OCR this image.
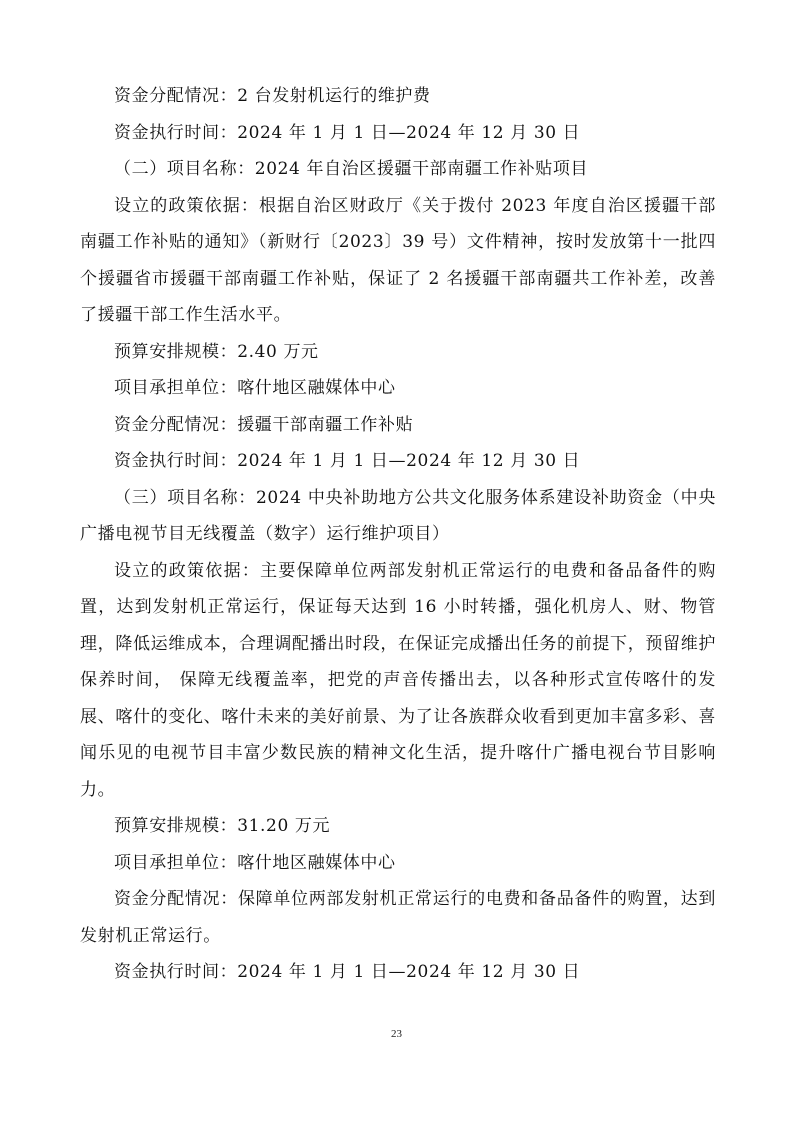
资金分配情况：2 台发射机运行的维护费

资金执行时间：2024 年 1 月 1 日—2024 年 12 月 30 日

（二）项目名称：2024 年自治区援疆干部南疆工作补贴项目

设立的政策依据：根据自治区财政厅《关于拨付 2023 年度自治区援疆干部南疆工作补贴的通知》（新财行〔2023〕39 号）文件精神，按时发放第十一批四个援疆省市援疆干部南疆工作补贴，保证了 2 名援疆干部南疆共工作补差，改善了援疆干部工作生活水平。

预算安排规模：2.40 万元

项目承担单位：喀什地区融媒体中心

资金分配情况：援疆干部南疆工作补贴

资金执行时间：2024 年 1 月 1 日—2024 年 12 月 30 日

（三）项目名称：2024 中央补助地方公共文化服务体系建设补助资金（中央广播电视节目无线覆盖（数字）运行维护项目）

设立的政策依据：主要保障单位两部发射机正常运行的电费和备品备件的购置，达到发射机正常运行，保证每天达到 16 小时转播，强化机房人、财、物管理，降低运维成本，合理调配播出时段，在保证完成播出任务的前提下，预留维护保养时间， 保障无线覆盖率，把党的声音传播出去，以各种形式宣传喀什的发展、喀什的变化、喀什未来的美好前景、为了让各族群众收看到更加丰富多彩、喜闻乐见的电视节目丰富少数民族的精神文化生活，提升喀什广播电视台节目影响力。

预算安排规模：31.20 万元

项目承担单位：喀什地区融媒体中心

资金分配情况：保障单位两部发射机正常运行的电费和备品备件的购置，达到发射机正常运行。

资金执行时间：2024 年 1 月 1 日—2024 年 12 月 30 日

23
